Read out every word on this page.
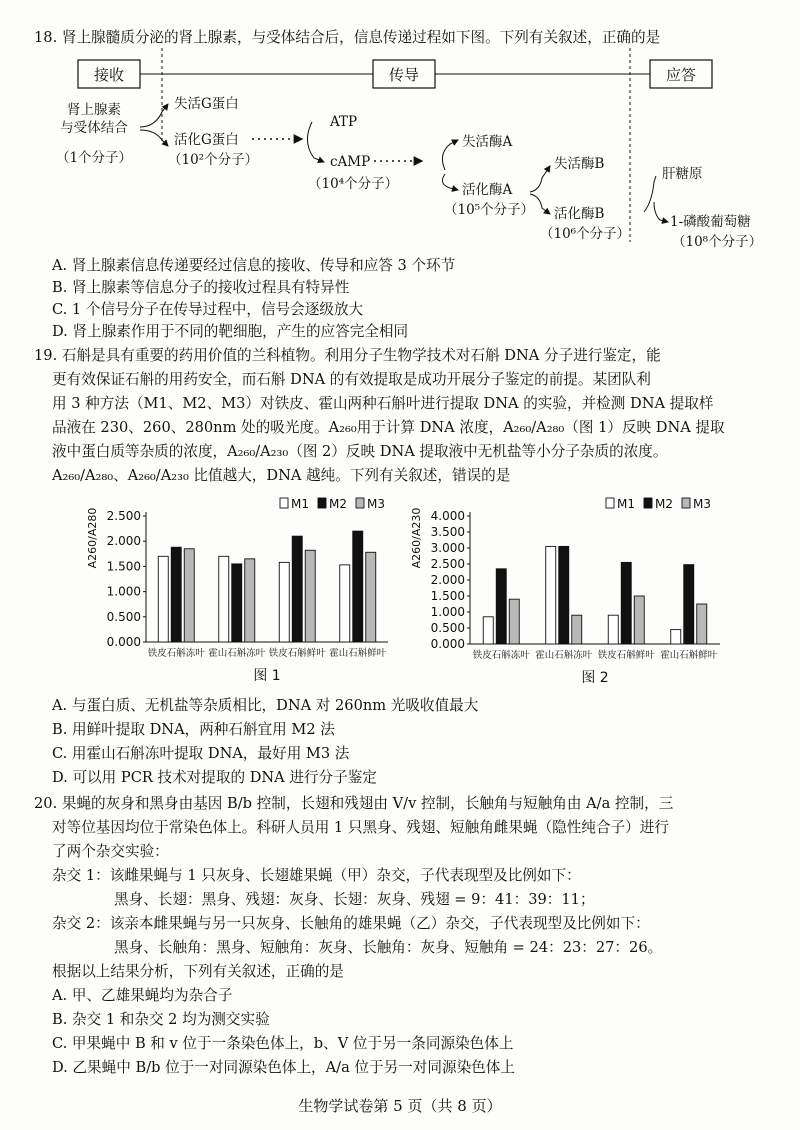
18. 肾上腺髓质分泌的肾上腺素，与受体结合后，信息传递过程如下图。下列有关叙述，正确的是
接收	传导	应答
肾上腺素
与受体结合
（1个分子）
失活G蛋白
活化G蛋白
（10²个分子）
ATP
cAMP
（10⁴个分子）
失活酶A
活化酶A
（10⁵个分子）
失活酶B
活化酶B
（10⁶个分子）
肝糖原
1-磷酸葡萄糖
（10⁸个分子）
A. 肾上腺素信息传递要经过信息的接收、传导和应答 3 个环节
B. 肾上腺素等信息分子的接收过程具有特异性
C. 1 个信号分子在传导过程中，信号会逐级放大
D. 肾上腺素作用于不同的靶细胞，产生的应答完全相同
19. 石斛是具有重要的药用价值的兰科植物。利用分子生物学技术对石斛 DNA 分子进行鉴定，能
更有效保证石斛的用药安全，而石斛 DNA 的有效提取是成功开展分子鉴定的前提。某团队利
用 3 种方法（M1、M2、M3）对铁皮、霍山两种石斛叶进行提取 DNA 的实验，并检测 DNA 提取样
品液在 230、260、280nm 处的吸光度。A₂₆₀用于计算 DNA 浓度，A₂₆₀/A₂₈₀（图 1）反映 DNA 提取
液中蛋白质等杂质的浓度，A₂₆₀/A₂₃₀（图 2）反映 DNA 提取液中无机盐等小分子杂质的浓度。
A₂₆₀/A₂₈₀、A₂₆₀/A₂₃₀ 比值越大，DNA 越纯。下列有关叙述，错误的是
0.000
0.500
1.000
1.500
2.000
2.500
A260/A280
铁皮石斛冻叶 霍山石斛冻叶 铁皮石斛鲜叶 霍山石斛鲜叶
M1 M2 M3
图 1
0.000
0.500
1.000
1.500
2.000
2.500
3.000
3.500
4.000
A260/A230
铁皮石斛冻叶 霍山石斛冻叶 铁皮石斛鲜叶 霍山石斛鲜叶
M1 M2 M3
图 2
A. 与蛋白质、无机盐等杂质相比，DNA 对 260nm 光吸收值最大
B. 用鲜叶提取 DNA，两种石斛宜用 M2 法
C. 用霍山石斛冻叶提取 DNA，最好用 M3 法
D. 可以用 PCR 技术对提取的 DNA 进行分子鉴定
20. 果蝇的灰身和黑身由基因 B/b 控制，长翅和残翅由 V/v 控制，长触角与短触角由 A/a 控制，三
对等位基因均位于常染色体上。科研人员用 1 只黑身、残翅、短触角雌果蝇（隐性纯合子）进行
了两个杂交实验：
杂交 1：该雌果蝇与 1 只灰身、长翅雄果蝇（甲）杂交，子代表现型及比例如下：
黑身、长翅：黑身、残翅：灰身、长翅：灰身、残翅 = 9：41：39：11；
杂交 2：该亲本雌果蝇与另一只灰身、长触角的雄果蝇（乙）杂交，子代表现型及比例如下：
黑身、长触角：黑身、短触角：灰身、长触角：灰身、短触角 = 24：23：27：26。
根据以上结果分析，下列有关叙述，正确的是
A. 甲、乙雄果蝇均为杂合子
B. 杂交 1 和杂交 2 均为测交实验
C. 甲果蝇中 B 和 v 位于一条染色体上，b、V 位于另一条同源染色体上
D. 乙果蝇中 B/b 位于一对同源染色体上，A/a 位于另一对同源染色体上
生物学试卷第 5 页（共 8 页）
